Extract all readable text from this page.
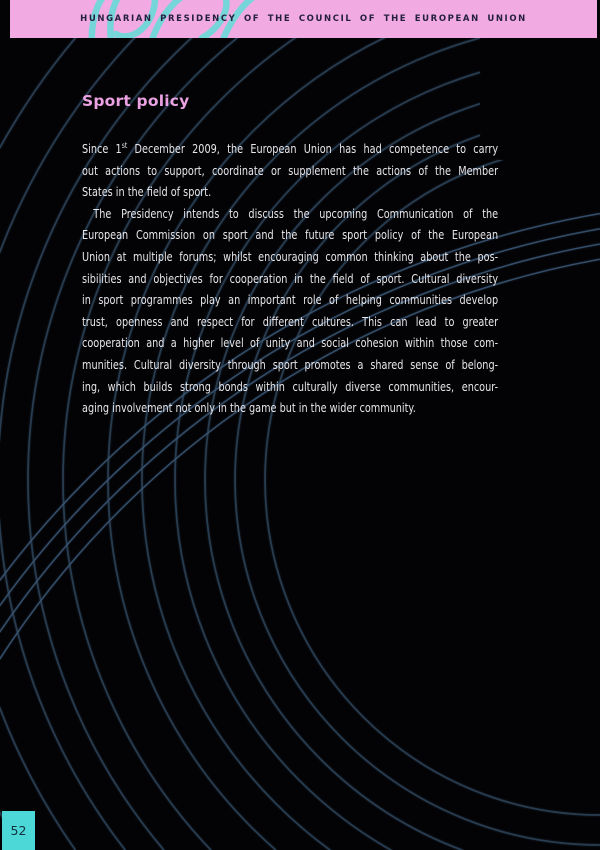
HUNGARIAN PRESIDENCY OF THE COUNCIL OF THE EUROPEAN UNION
Sport policy
Since 1st December 2009, the European Union has had competence to carry
out actions to support, coordinate or supplement the actions of the Member
States in the field of sport.
The Presidency intends to discuss the upcoming Communication of the
European Commission on sport and the future sport policy of the European
Union at multiple forums; whilst encouraging common thinking about the pos-
sibilities and objectives for cooperation in the field of sport. Cultural diversity
in sport programmes play an important role of helping communities develop
trust, openness and respect for different cultures. This can lead to greater
cooperation and a higher level of unity and social cohesion within those com-
munities. Cultural diversity through sport promotes a shared sense of belong-
ing, which builds strong bonds within culturally diverse communities, encour-
aging involvement not only in the game but in the wider community.
52
